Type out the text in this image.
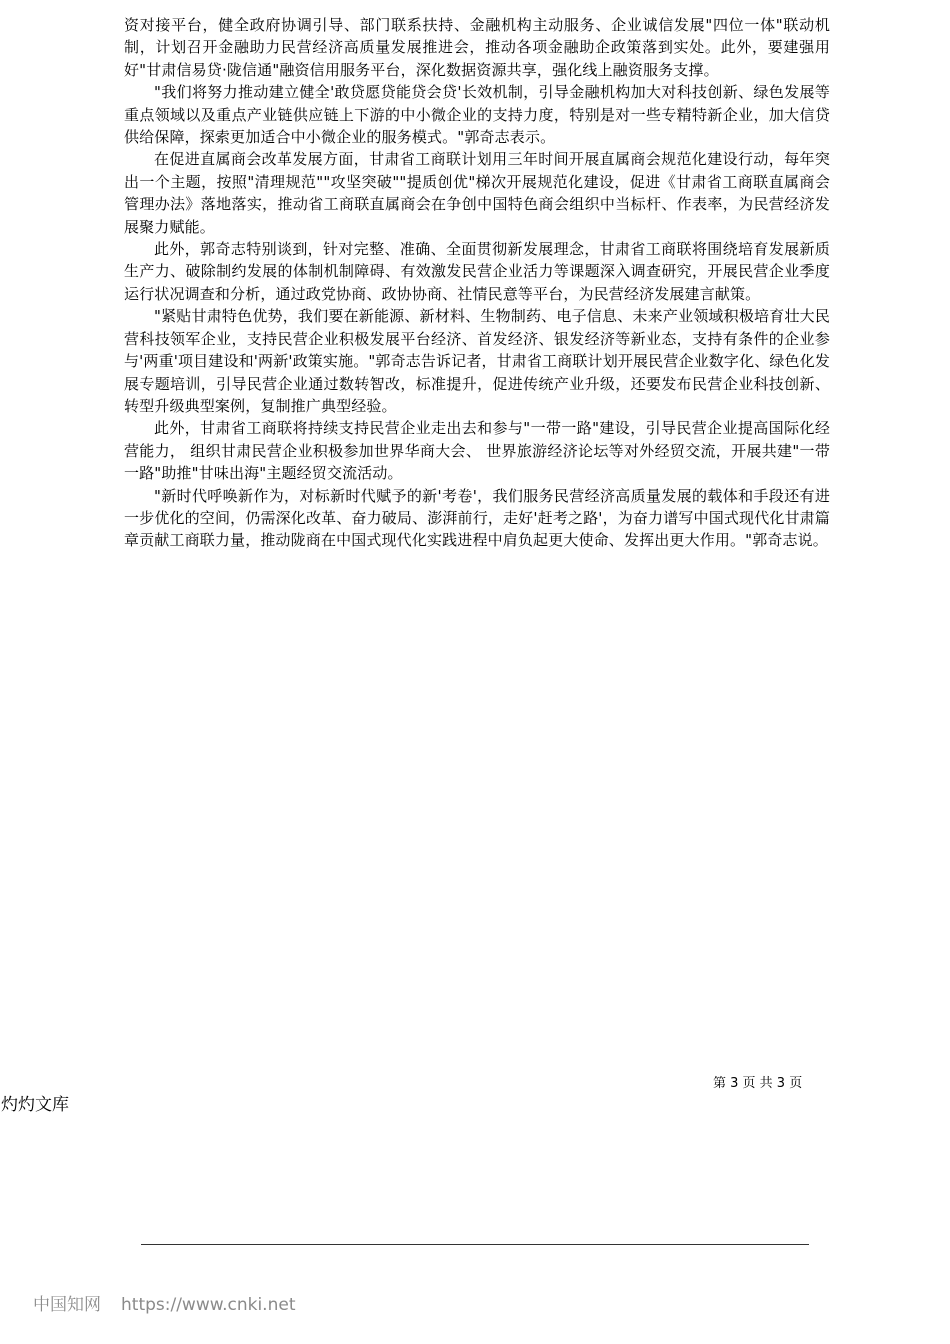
资对接平台，健全政府协调引导、部门联系扶持、金融机构主动服务、企业诚信发展"四位一体"联动机制，计划召开金融助力民营经济高质量发展推进会，推动各项金融助企政策落到实处。此外，要建强用好"甘肃信易贷·陇信通"融资信用服务平台，深化数据资源共享，强化线上融资服务支撑。

"我们将努力推动建立健全'敢贷愿贷能贷会贷'长效机制，引导金融机构加大对科技创新、绿色发展等重点领域以及重点产业链供应链上下游的中小微企业的支持力度，特别是对一些专精特新企业，加大信贷供给保障，探索更加适合中小微企业的服务模式。"郭奇志表示。

在促进直属商会改革发展方面，甘肃省工商联计划用三年时间开展直属商会规范化建设行动，每年突出一个主题，按照"清理规范""攻坚突破""提质创优"梯次开展规范化建设，促进《甘肃省工商联直属商会管理办法》落地落实，推动省工商联直属商会在争创中国特色商会组织中当标杆、作表率，为民营经济发展聚力赋能。

此外，郭奇志特别谈到，针对完整、准确、全面贯彻新发展理念，甘肃省工商联将围绕培育发展新质生产力、破除制约发展的体制机制障碍、有效激发民营企业活力等课题深入调查研究，开展民营企业季度运行状况调查和分析，通过政党协商、政协协商、社情民意等平台，为民营经济发展建言献策。

"紧贴甘肃特色优势，我们要在新能源、新材料、生物制药、电子信息、未来产业领域积极培育壮大民营科技领军企业，支持民营企业积极发展平台经济、首发经济、银发经济等新业态，支持有条件的企业参与'两重'项目建设和'两新'政策实施。"郭奇志告诉记者，甘肃省工商联计划开展民营企业数字化、绿色化发展专题培训，引导民营企业通过数转智改，标准提升，促进传统产业升级，还要发布民营企业科技创新、转型升级典型案例，复制推广典型经验。

此外，甘肃省工商联将持续支持民营企业走出去和参与"一带一路"建设，引导民营企业提高国际化经营能力， 组织甘肃民营企业积极参加世界华商大会、 世界旅游经济论坛等对外经贸交流，开展共建"一带一路"助推"甘味出海"主题经贸交流活动。

"新时代呼唤新作为，对标新时代赋予的新'考卷'，我们服务民营经济高质量发展的载体和手段还有进一步优化的空间，仍需深化改革、奋力破局、澎湃前行，走好'赶考之路'，为奋力谱写中国式现代化甘肃篇章贡献工商联力量，推动陇商在中国式现代化实践进程中肩负起更大使命、发挥出更大作用。"郭奇志说。

第 3 页 共 3 页
灼灼文库
中国知网 https://www.cnki.net
